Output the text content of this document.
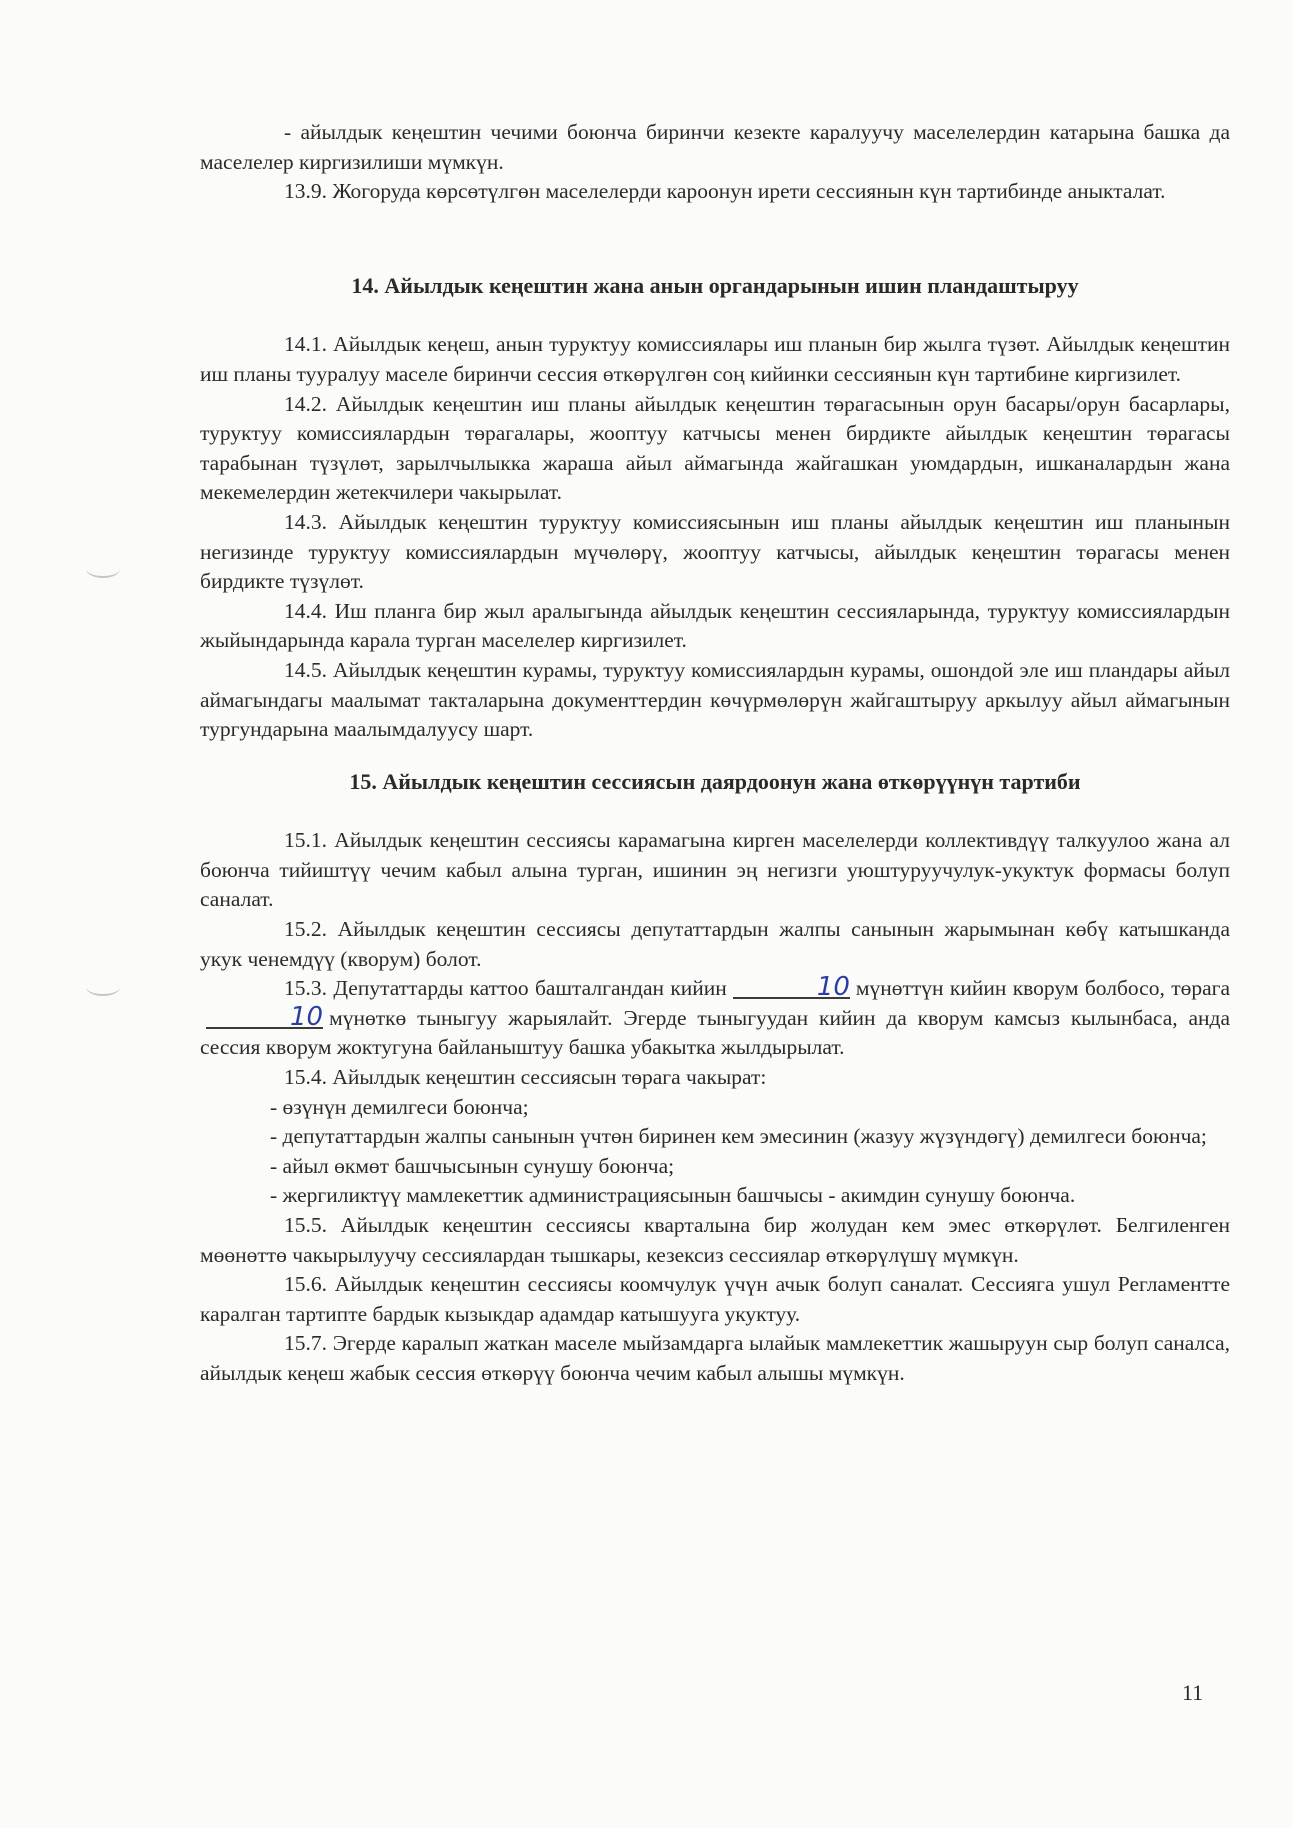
- айылдык кеңештин чечими боюнча биринчи кезекте каралуучу маселелердин катарына башка да маселелер киргизилиши мүмкүн.

13.9. Жогоруда көрсөтүлгөн маселелерди кароонун ирети сессиянын күн тартибинде аныкталат.

14. Айылдык кеңештин жана анын органдарынын ишин пландаштыруу

14.1. Айылдык кеңеш, анын туруктуу комиссиялары иш планын бир жылга түзөт. Айылдык кеңештин иш планы тууралуу маселе биринчи сессия өткөрүлгөн соң кийинки сессиянын күн тартибине киргизилет.

14.2. Айылдык кеңештин иш планы айылдык кеңештин төрагасынын орун басары/орун басарлары, туруктуу комиссиялардын төрагалары, жооптуу катчысы менен бирдикте айылдык кеңештин төрагасы тарабынан түзүлөт, зарылчылыкка жараша айыл аймагында жайгашкан уюмдардын, ишканалардын жана мекемелердин жетекчилери чакырылат.

14.3. Айылдык кеңештин туруктуу комиссиясынын иш планы айылдык кеңештин иш планынын негизинде туруктуу комиссиялардын мүчөлөрү, жооптуу катчысы, айылдык кеңештин төрагасы менен бирдикте түзүлөт.

14.4. Иш планга бир жыл аралыгында айылдык кеңештин сессияларында, туруктуу комиссиялардын жыйындарында карала турган маселелер киргизилет.

14.5. Айылдык кеңештин курамы, туруктуу комиссиялардын курамы, ошондой эле иш пландары айыл аймагындагы маалымат такталарына документтердин көчүрмөлөрүн жайгаштыруу аркылуу айыл аймагынын тургундарына маалымдалуусу шарт.

15. Айылдык кеңештин сессиясын даярдоонун жана өткөрүүнүн тартиби

15.1. Айылдык кеңештин сессиясы карамагына кирген маселелерди коллективдүү талкуулоо жана ал боюнча тийиштүү чечим кабыл алына турган, ишинин эң негизги уюштуруучулук-укуктук формасы болуп саналат.

15.2. Айылдык кеңештин сессиясы депутаттардын жалпы санынын жарымынан көбү катышканда укук ченемдүү (кворум) болот.

15.3. Депутаттарды каттоо башталгандан кийин	10 мүнөттүн кийин кворум болбосо, төрага10 мүнөткө тыныгуу жарыялайт. Эгерде тыныгуудан кийин да кворум камсыз кылынбаса, анда сессия кворум жоктугуна байланыштуу башка убакытка жылдырылат.

15.4. Айылдык кеңештин сессиясын төрага чакырат:

- өзүнүн демилгеси боюнча;

- депутаттардын жалпы санынын үчтөн биринен кем эмесинин (жазуу жүзүндөгү) демилгеси боюнча;

- айыл өкмөт башчысынын сунушу боюнча;

- жергиликтүү мамлекеттик администрациясынын башчысы - акимдин сунушу боюнча.

15.5. Айылдык кеңештин сессиясы кварталына бир жолудан кем эмес өткөрүлөт. Белгиленген мөөнөттө чакырылуучу сессиялардан тышкары, кезексиз сессиялар өткөрүлүшү мүмкүн.

15.6. Айылдык кеңештин сессиясы коомчулук үчүн ачык болуп саналат. Сессияга ушул Регламентте каралган тартипте бардык кызыкдар адамдар катышууга укуктуу.

15.7. Эгерде каралып жаткан маселе мыйзамдарга ылайык мамлекеттик жашыруун сыр болуп саналса, айылдык кеңеш жабык сессия өткөрүү боюнча чечим кабыл алышы мүмкүн.

11
